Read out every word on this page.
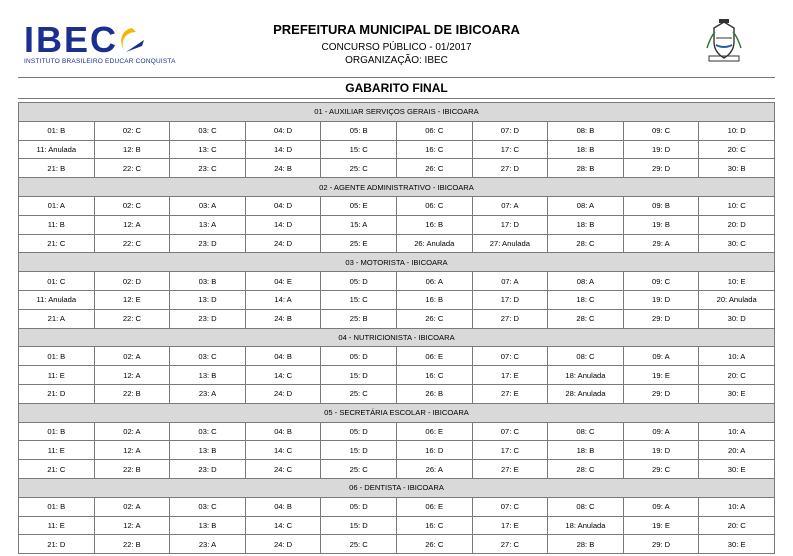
IBEC
INSTITUTO BRASILEIRO EDUCAR CONQUISTA
PREFEITURA MUNICIPAL DE IBICOARA
CONCURSO PÚBLICO - 01/2017
ORGANIZAÇÃO: IBEC
GABARITO FINAL
01 - AUXILIAR SERVIÇOS GERAIS - IBICOARA									
01: B	02: C	03: C	04: D	05: B	06: C	07: D	08: B	09: C	10: D
11: Anulada	12: B	13: C	14: D	15: C	16: C	17: C	18: B	19: D	20: C
21: B	22: C	23: C	24: B	25: C	26: C	27: D	28: B	29: D	30: B
02 - AGENTE ADMINISTRATIVO - IBICOARA									
01: A	02: C	03: A	04: D	05: E	06: C	07: A	08: A	09: B	10: C
11: B	12: A	13: A	14: D	15: A	16: B	17: D	18: B	19: B	20: D
21: C	22: C	23: D	24: D	25: E	26: Anulada	27: Anulada	28: C	29: A	30: C
03 - MOTORISTA - IBICOARA									
01: C	02: D	03: B	04: E	05: D	06: A	07: A	08: A	09: C	10: E
11: Anulada	12: E	13: D	14: A	15: C	16: B	17: D	18: C	19: D	20: Anulada
21: A	22: C	23: D	24: B	25: B	26: C	27: D	28: C	29: D	30: D
04 - NUTRICIONISTA - IBICOARA									
01: B	02: A	03: C	04: B	05: D	06: E	07: C	08: C	09: A	10: A
11: E	12: A	13: B	14: C	15: D	16: C	17: E	18: Anulada	19: E	20: C
21: D	22: B	23: A	24: D	25: C	26: B	27: E	28: Anulada	29: D	30: E
05 - SECRETÁRIA ESCOLAR - IBICOARA									
01: B	02: A	03: C	04: B	05: D	06: E	07: C	08: C	09: A	10: A
11: E	12: A	13: B	14: C	15: D	16: D	17: C	18: B	19: D	20: A
21: C	22: B	23: D	24: C	25: C	26: A	27: E	28: C	29: C	30: E
06 - DENTISTA - IBICOARA									
01: B	02: A	03: C	04: B	05: D	06: E	07: C	08: C	09: A	10: A
11: E	12: A	13: B	14: C	15: D	16: C	17: E	18: Anulada	19: E	20: C
21: D	22: B	23: A	24: D	25: C	26: C	27: C	28: B	29: D	30: E
